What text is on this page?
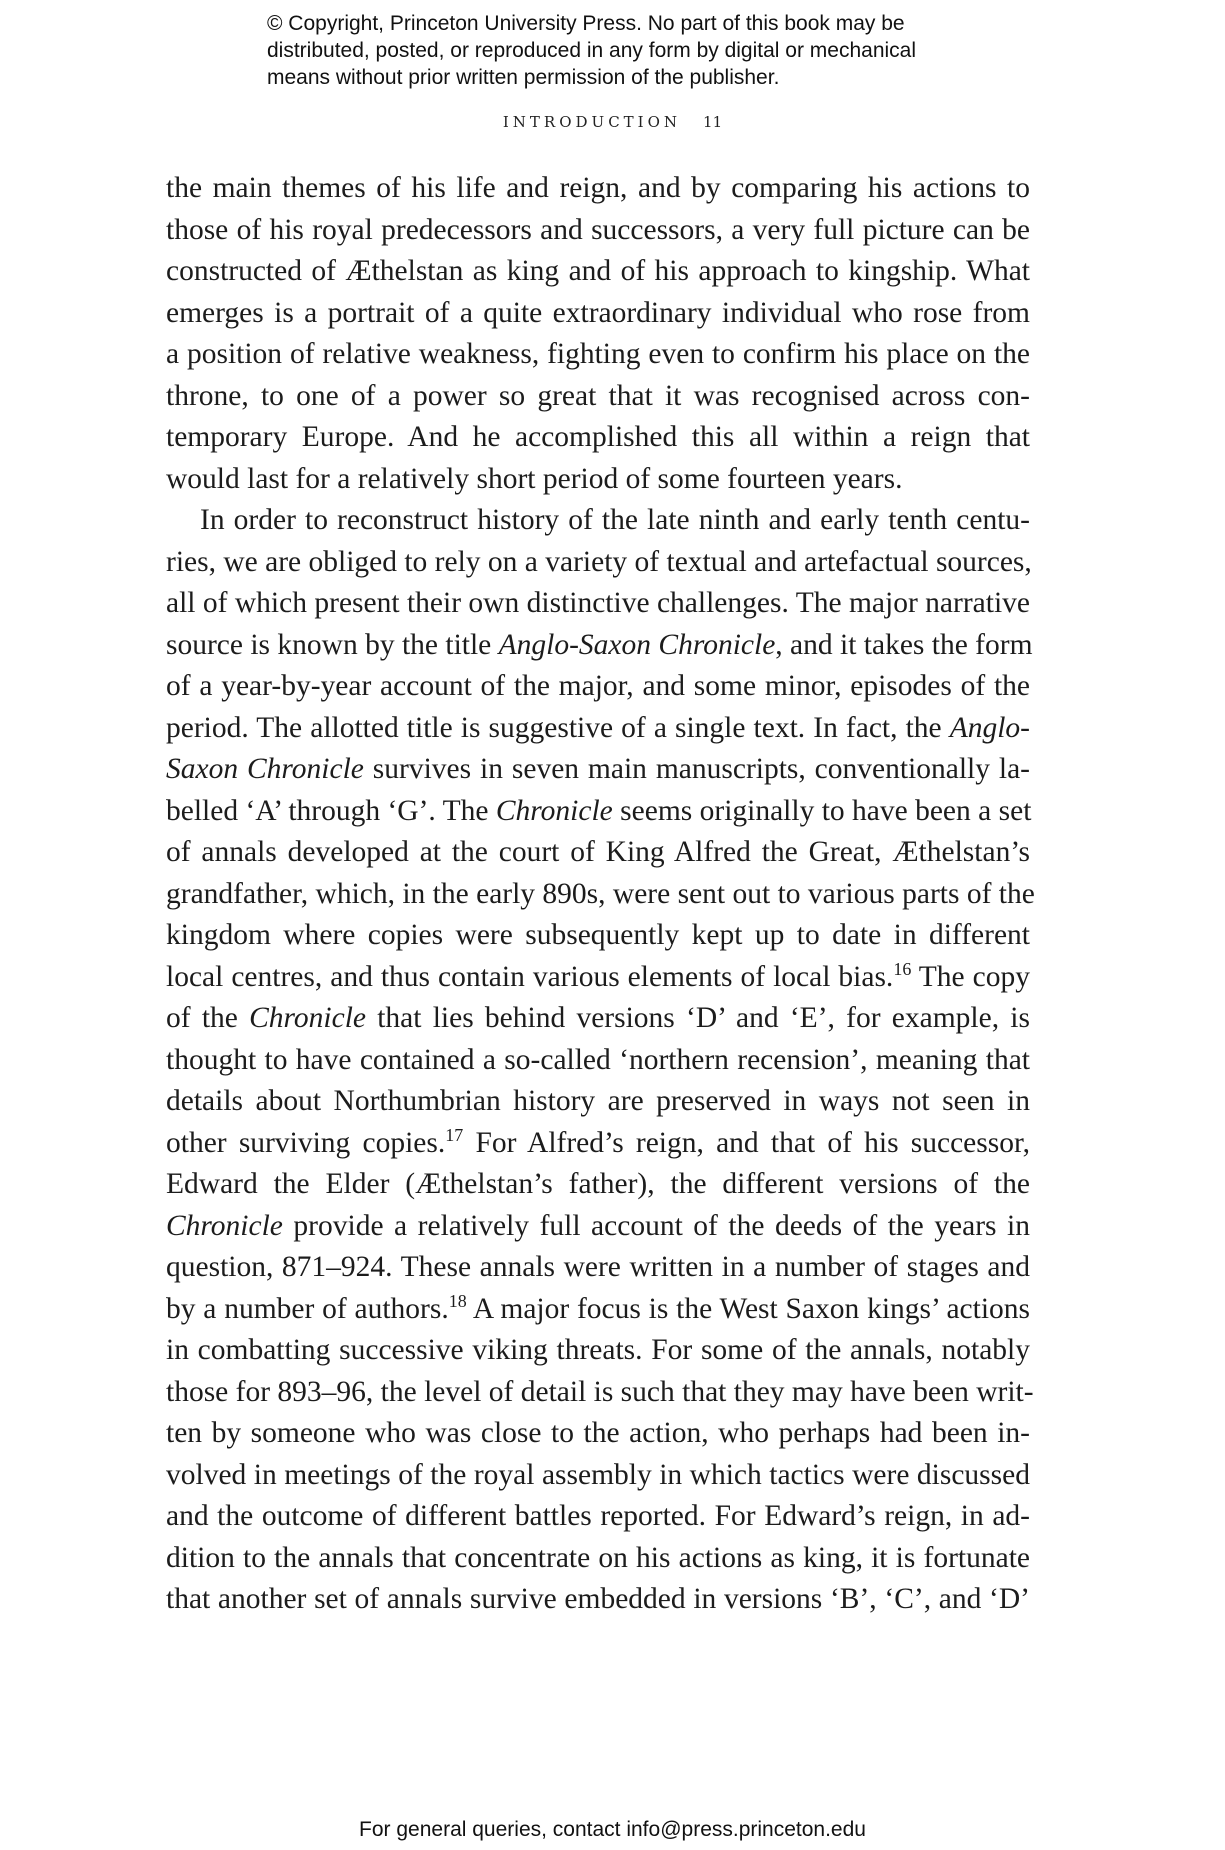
© Copyright, Princeton University Press. No part of this book may be
distributed, posted, or reproduced in any form by digital or mechanical
means without prior written permission of the publisher.
INTRODUCTION 11
the main themes of his life and reign, and by comparing his actions to
those of his royal predecessors and successors, a very full picture can be
constructed of Æthelstan as king and of his approach to kingship. What
emerges is a portrait of a quite extraordinary individual who rose from
a position of relative weakness, fighting even to confirm his place on the
throne, to one of a power so great that it was recognised across con-
temporary Europe. And he accomplished this all within a reign that
would last for a relatively short period of some fourteen years.
In order to reconstruct history of the late ninth and early tenth centu-
ries, we are obliged to rely on a variety of textual and artefactual sources,
all of which present their own distinctive challenges. The major narrative
source is known by the title Anglo-Saxon Chronicle, and it takes the form
of a year-by-year account of the major, and some minor, episodes of the
period. The allotted title is suggestive of a single text. In fact, the Anglo-
Saxon Chronicle survives in seven main manuscripts, conventionally la-
belled ‘A’ through ‘G’. The Chronicle seems originally to have been a set
of annals developed at the court of King Alfred the Great, Æthelstan’s
grandfather, which, in the early 890s, were sent out to various parts of the
kingdom where copies were subsequently kept up to date in different
local centres, and thus contain various elements of local bias.$^{16}$ The copy
of the Chronicle that lies behind versions ‘D’ and ‘E’, for example, is
thought to have contained a so-called ‘northern recension’, meaning that
details about Northumbrian history are preserved in ways not seen in
other surviving copies.$^{17}$ For Alfred’s reign, and that of his successor,
Edward the Elder (Æthelstan’s father), the different versions of the
Chronicle provide a relatively full account of the deeds of the years in
question, 871–924. These annals were written in a number of stages and
by a number of authors.$^{18}$ A major focus is the West Saxon kings’ actions
in combatting successive viking threats. For some of the annals, notably
those for 893–96, the level of detail is such that they may have been writ-
ten by someone who was close to the action, who perhaps had been in-
volved in meetings of the royal assembly in which tactics were discussed
and the outcome of different battles reported. For Edward’s reign, in ad-
dition to the annals that concentrate on his actions as king, it is fortunate
that another set of annals survive embedded in versions ‘B’, ‘C’, and ‘D’
For general queries, contact info@press.princeton.edu
